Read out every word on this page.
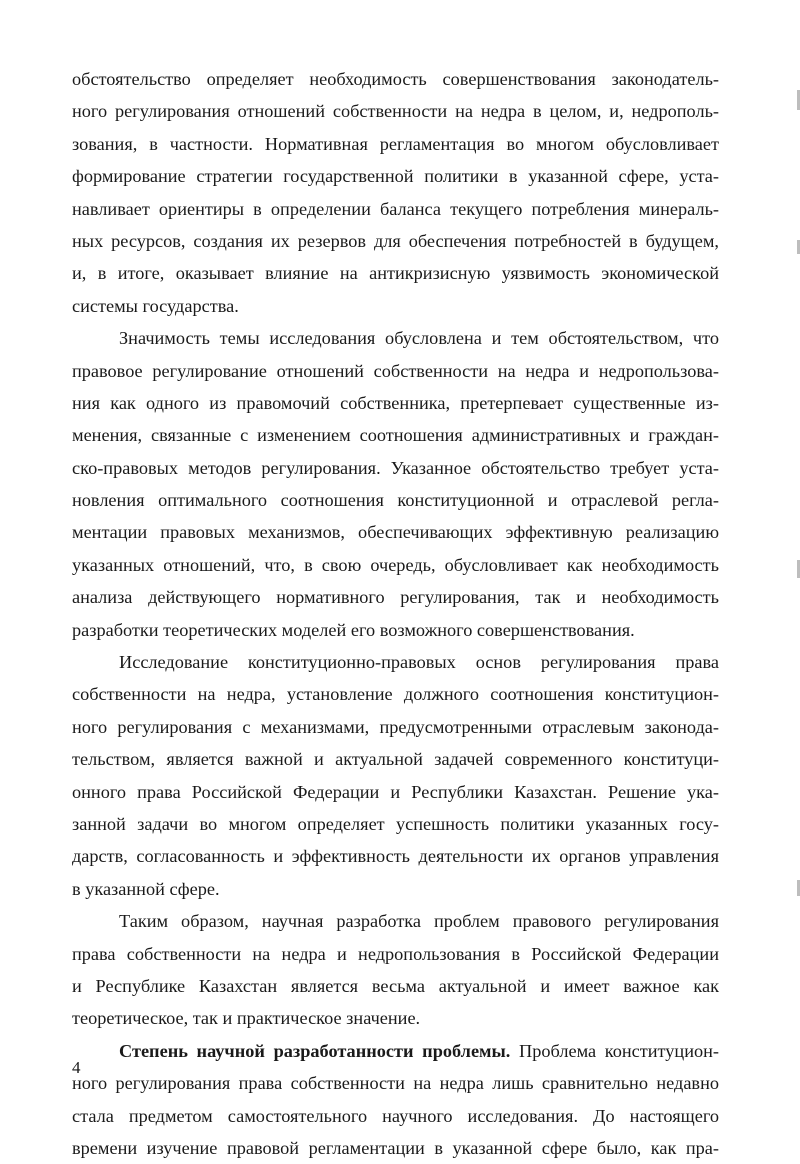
обстоятельство определяет необходимость совершенствования законодатель-
ного регулирования отношений собственности на недра в целом, и, недрополь-
зования, в частности. Нормативная регламентация во многом обусловливает
формирование стратегии государственной политики в указанной сфере, уста-
навливает ориентиры в определении баланса текущего потребления минераль-
ных ресурсов, создания их резервов для обеспечения потребностей в будущем,
и, в итоге, оказывает влияние на антикризисную уязвимость экономической
системы государства.
Значимость темы исследования обусловлена и тем обстоятельством, что
правовое регулирование отношений собственности на недра и недропользова-
ния как одного из правомочий собственника, претерпевает существенные из-
менения, связанные с изменением соотношения административных и граждан-
ско-правовых методов регулирования. Указанное обстоятельство требует уста-
новления оптимального соотношения конституционной и отраслевой регла-
ментации правовых механизмов, обеспечивающих эффективную реализацию
указанных отношений, что, в свою очередь, обусловливает как необходимость
анализа действующего нормативного регулирования, так и необходимость
разработки теоретических моделей его возможного совершенствования.
Исследование конституционно-правовых основ регулирования права
собственности на недра, установление должного соотношения конституцион-
ного регулирования с механизмами, предусмотренными отраслевым законода-
тельством, является важной и актуальной задачей современного конституци-
онного права Российской Федерации и Республики Казахстан. Решение ука-
занной задачи во многом определяет успешность политики указанных госу-
дарств, согласованность и эффективность деятельности их органов управления
в указанной сфере.
Таким образом, научная разработка проблем правового регулирования
права собственности на недра и недропользования в Российской Федерации
и Республике Казахстан является весьма актуальной и имеет важное как
теоретическое, так и практическое значение.
Степень научной разработанности проблемы. Проблема конституцион-
ного регулирования права собственности на недра лишь сравнительно недавно
стала предметом самостоятельного научного исследования. До настоящего
времени изучение правовой регламентации в указанной сфере было, как пра-
4
